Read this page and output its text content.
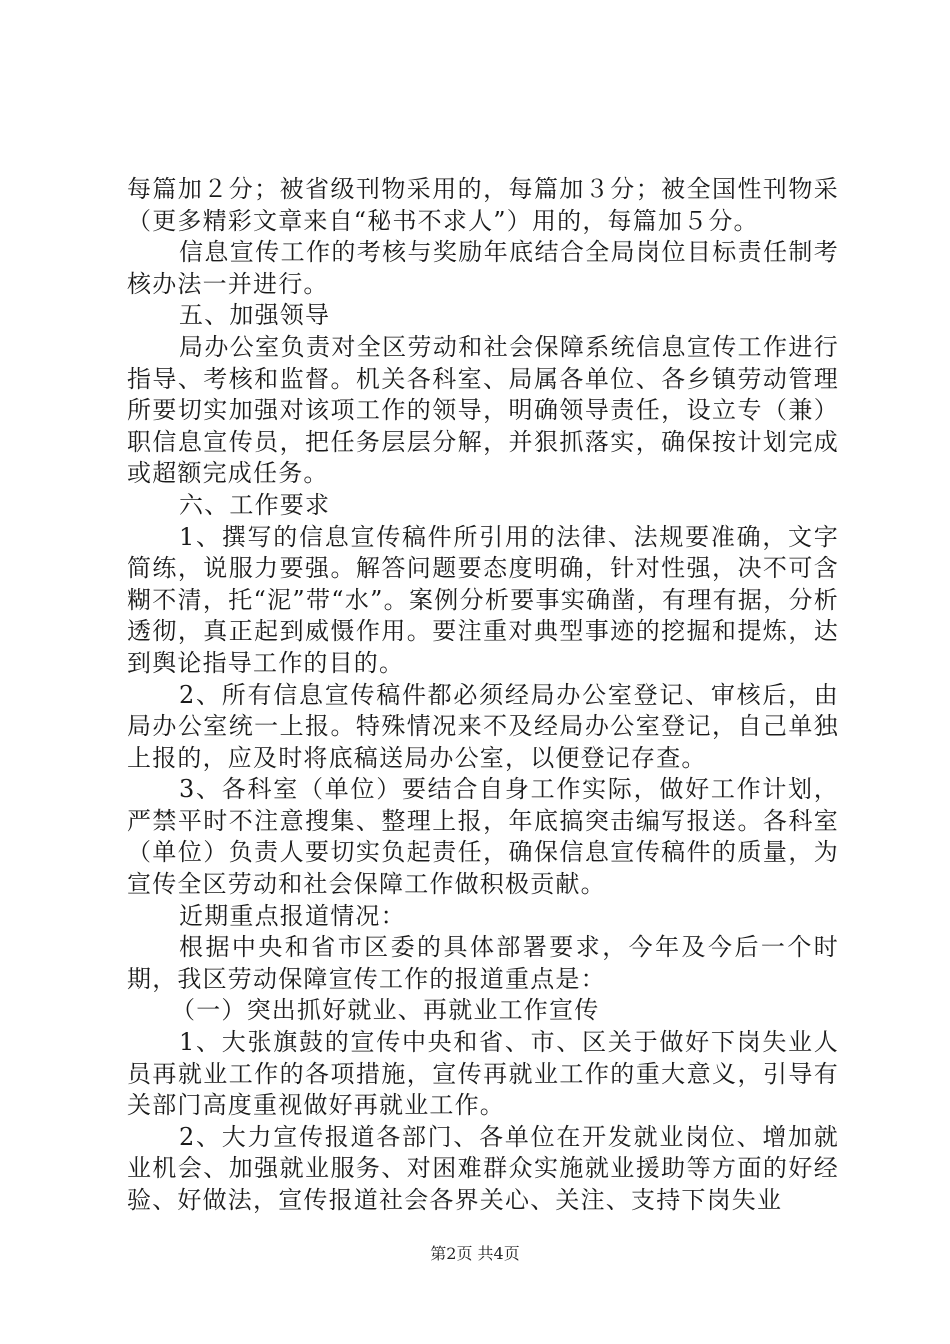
每篇加２分；被省级刊物采用的，每篇加３分；被全国性刊物采（更多精彩文章来自“秘书不求人”）用的，每篇加５分。

信息宣传工作的考核与奖励年底结合全局岗位目标责任制考核办法一并进行。

五、加强领导

局办公室负责对全区劳动和社会保障系统信息宣传工作进行指导、考核和监督。机关各科室、局属各单位、各乡镇劳动管理所要切实加强对该项工作的领导，明确领导责任，设立专（兼）职信息宣传员，把任务层层分解，并狠抓落实，确保按计划完成或超额完成任务。

六、工作要求

1、撰写的信息宣传稿件所引用的法律、法规要准确，文字简练，说服力要强。解答问题要态度明确，针对性强，决不可含糊不清，托“泥”带“水”。案例分析要事实确凿，有理有据，分析透彻，真正起到威慑作用。要注重对典型事迹的挖掘和提炼，达到舆论指导工作的目的。

2、所有信息宣传稿件都必须经局办公室登记、审核后，由局办公室统一上报。特殊情况来不及经局办公室登记，自己单独上报的，应及时将底稿送局办公室，以便登记存查。

3、各科室（单位）要结合自身工作实际，做好工作计划，严禁平时不注意搜集、整理上报，年底搞突击编写报送。各科室（单位）负责人要切实负起责任，确保信息宣传稿件的质量，为宣传全区劳动和社会保障工作做积极贡献。

近期重点报道情况：

根据中央和省市区委的具体部署要求，今年及今后一个时期，我区劳动保障宣传工作的报道重点是：

（一）突出抓好就业、再就业工作宣传

1、大张旗鼓的宣传中央和省、市、区关于做好下岗失业人员再就业工作的各项措施，宣传再就业工作的重大意义，引导有关部门高度重视做好再就业工作。

2、大力宣传报道各部门、各单位在开发就业岗位、增加就业机会、加强就业服务、对困难群众实施就业援助等方面的好经验、好做法，宣传报道社会各界关心、关注、支持下岗失业

第2页 共4页
